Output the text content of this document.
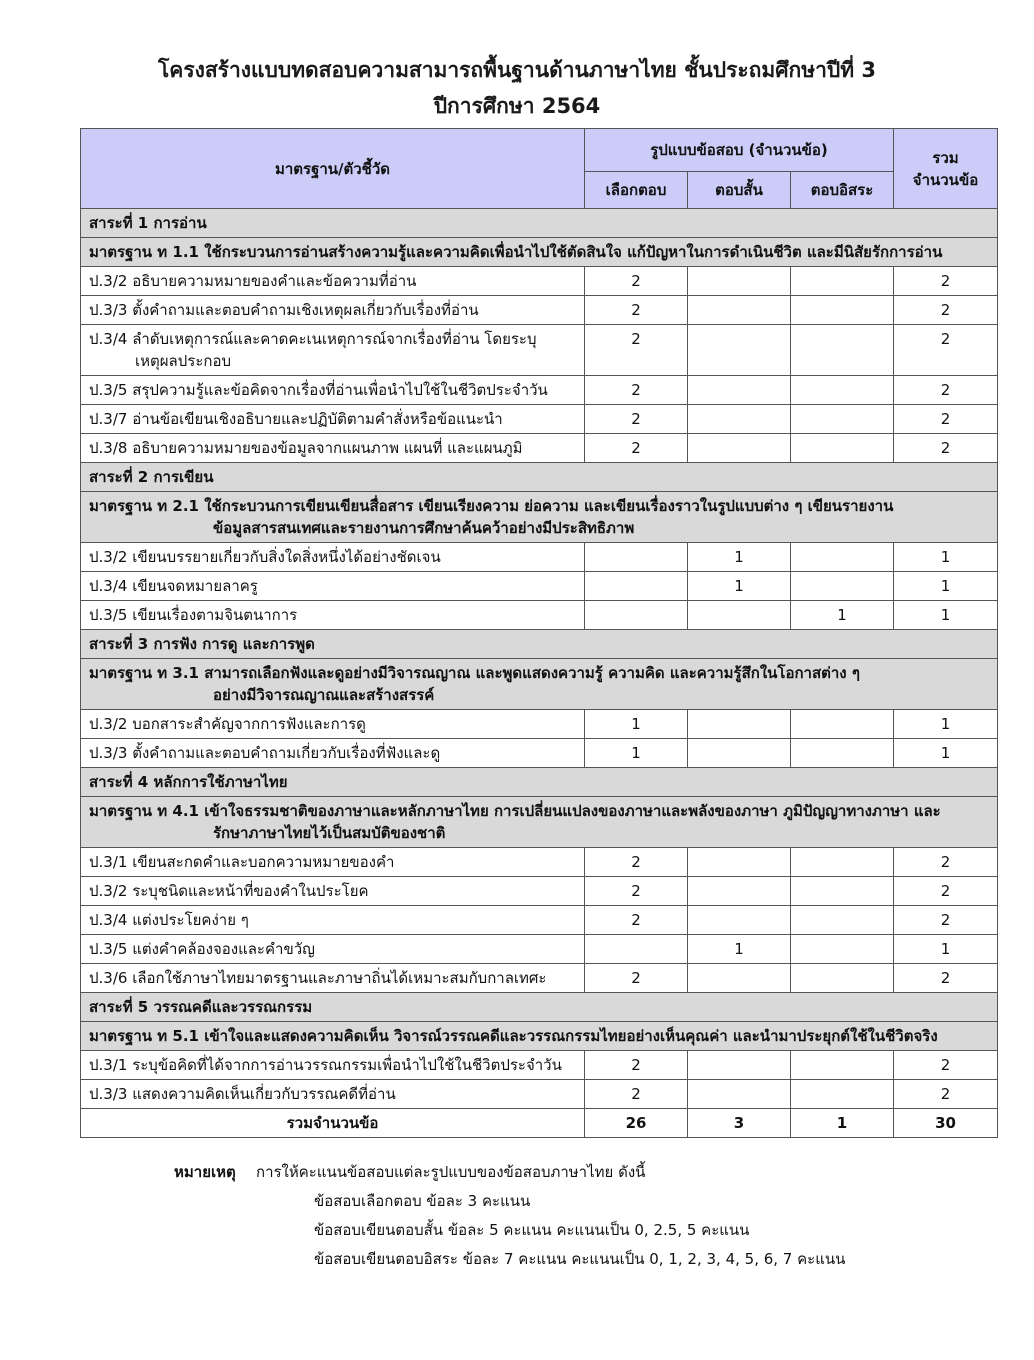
โครงสร้างแบบทดสอบความสามารถพื้นฐานด้านภาษาไทย ชั้นประถมศึกษาปีที่ 3
ปีการศึกษา 2564
มาตรฐาน/ตัวชี้วัด	รูปแบบข้อสอบ (จำนวนข้อ)			รวม
จำนวนข้อ
	เลือกตอบ	ตอบสั้น	ตอบอิสระ	
สาระที่ 1 การอ่าน				

มาตรฐาน ท 1.1 ใช้กระบวนการอ่านสร้างความรู้และความคิดเพื่อนำไปใช้ตัดสินใจ แก้ปัญหาในการดำเนินชีวิต และมีนิสัยรักการอ่าน				

ป.3/2 อธิบายความหมายของคำและข้อความที่อ่าน	2			2

ป.3/3 ตั้งคำถามและตอบคำถามเชิงเหตุผลเกี่ยวกับเรื่องที่อ่าน	2			2

ป.3/4 ลำดับเหตุการณ์และคาดคะเนเหตุการณ์จากเรื่องที่อ่าน โดยระบุ
เหตุผลประกอบ	2			2

ป.3/5 สรุปความรู้และข้อคิดจากเรื่องที่อ่านเพื่อนำไปใช้ในชีวิตประจำวัน	2			2

ป.3/7 อ่านข้อเขียนเชิงอธิบายและปฏิบัติตามคำสั่งหรือข้อแนะนำ	2			2

ป.3/8 อธิบายความหมายของข้อมูลจากแผนภาพ แผนที่ และแผนภูมิ	2			2
สาระที่ 2 การเขียน				

มาตรฐาน ท 2.1 ใช้กระบวนการเขียนเขียนสื่อสาร เขียนเรียงความ ย่อความ และเขียนเรื่องราวในรูปแบบต่าง ๆ เขียนรายงาน
ข้อมูลสารสนเทศและรายงานการศึกษาค้นคว้าอย่างมีประสิทธิภาพ				

ป.3/2 เขียนบรรยายเกี่ยวกับสิ่งใดสิ่งหนึ่งได้อย่างชัดเจน		1		1

ป.3/4 เขียนจดหมายลาครู		1		1

ป.3/5 เขียนเรื่องตามจินตนาการ			1	1
สาระที่ 3 การฟัง การดู และการพูด				

มาตรฐาน ท 3.1 สามารถเลือกฟังและดูอย่างมีวิจารณญาณ และพูดแสดงความรู้ ความคิด และความรู้สึกในโอกาสต่าง ๆ
อย่างมีวิจารณญาณและสร้างสรรค์				

ป.3/2 บอกสาระสำคัญจากการฟังและการดู	1			1

ป.3/3 ตั้งคำถามและตอบคำถามเกี่ยวกับเรื่องที่ฟังและดู	1			1
สาระที่ 4 หลักการใช้ภาษาไทย				

มาตรฐาน ท 4.1 เข้าใจธรรมชาติของภาษาและหลักภาษาไทย การเปลี่ยนแปลงของภาษาและพลังของภาษา ภูมิปัญญาทางภาษา และ
รักษาภาษาไทยไว้เป็นสมบัติของชาติ				

ป.3/1 เขียนสะกดคำและบอกความหมายของคำ	2			2

ป.3/2 ระบุชนิดและหน้าที่ของคำในประโยค	2			2

ป.3/4 แต่งประโยคง่าย ๆ	2			2

ป.3/5 แต่งคำคล้องจองและคำขวัญ		1		1

ป.3/6 เลือกใช้ภาษาไทยมาตรฐานและภาษาถิ่นได้เหมาะสมกับกาลเทศะ	2			2
สาระที่ 5 วรรณคดีและวรรณกรรม				

มาตรฐาน ท 5.1 เข้าใจและแสดงความคิดเห็น วิจารณ์วรรณคดีและวรรณกรรมไทยอย่างเห็นคุณค่า และนำมาประยุกต์ใช้ในชีวิตจริง				

ป.3/1 ระบุข้อคิดที่ได้จากการอ่านวรรณกรรมเพื่อนำไปใช้ในชีวิตประจำวัน	2			2

ป.3/3 แสดงความคิดเห็นเกี่ยวกับวรรณคดีที่อ่าน	2			2
รวมจำนวนข้อ	26	3	1	30
หมายเหตุ การให้คะแนนข้อสอบแต่ละรูปแบบของข้อสอบภาษาไทย ดังนี้
ข้อสอบเลือกตอบ ข้อละ 3 คะแนน
ข้อสอบเขียนตอบสั้น ข้อละ 5 คะแนน คะแนนเป็น 0, 2.5, 5 คะแนน
ข้อสอบเขียนตอบอิสระ ข้อละ 7 คะแนน คะแนนเป็น 0, 1, 2, 3, 4, 5, 6, 7 คะแนน
